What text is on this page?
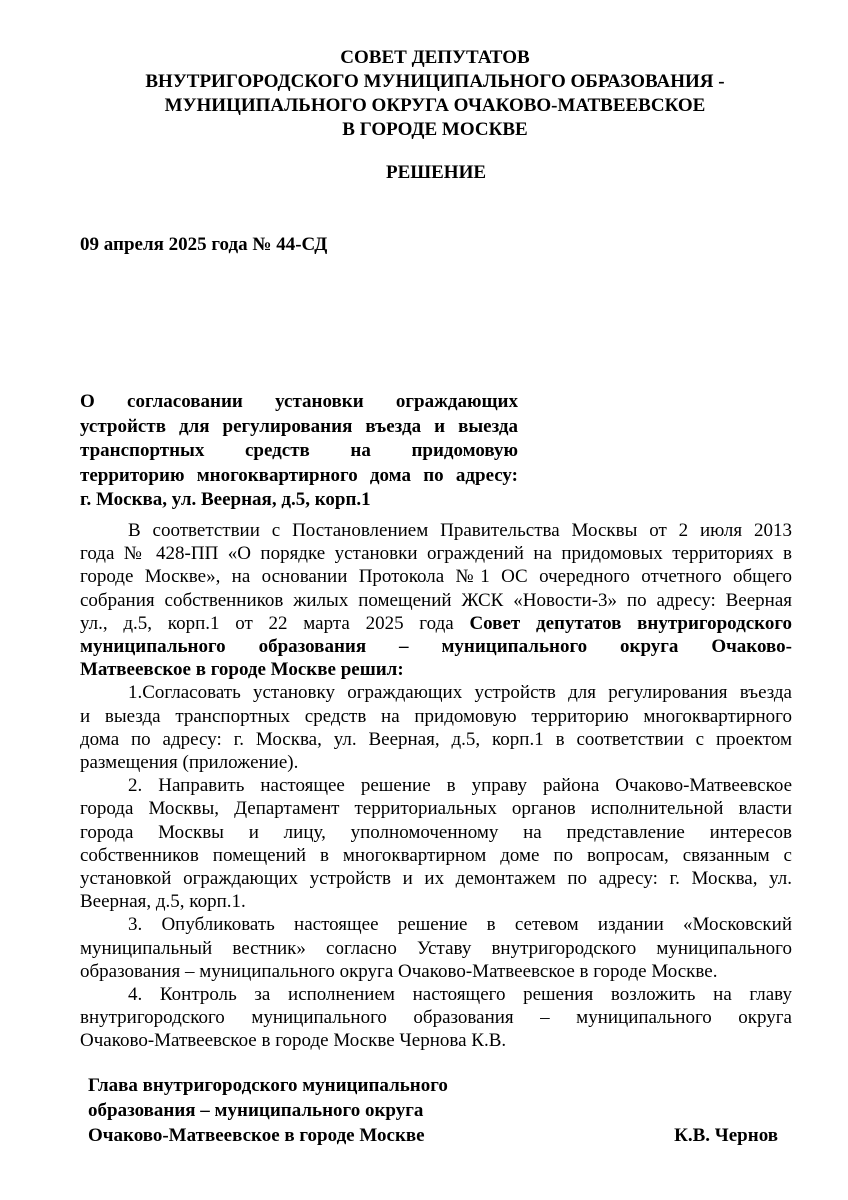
СОВЕТ ДЕПУТАТОВ
ВНУТРИГОРОДСКОГО МУНИЦИПАЛЬНОГО ОБРАЗОВАНИЯ -
МУНИЦИПАЛЬНОГО ОКРУГА ОЧАКОВО-МАТВЕЕВСКОЕ
В ГОРОДЕ МОСКВЕ
РЕШЕНИЕ
09 апреля 2025 года № 44-СД
О согласовании установки ограждающих
устройств для регулирования въезда и выезда
транспортных средств на придомовую
территорию многоквартирного дома по адресу:
г. Москва, ул. Веерная, д.5, корп.1
В соответствии с Постановлением Правительства Москвы от 2 июля 2013
года № 428-ПП «О порядке установки ограждений на придомовых территориях в
городе Москве», на основании Протокола №1 ОС очередного отчетного общего
собрания собственников жилых помещений ЖСК «Новости-3» по адресу: Веерная
ул., д.5, корп.1 от 22 марта 2025 года Совет депутатов внутригородского
муниципального образования – муниципального округа Очаково-
Матвеевское в городе Москве решил:
1.Согласовать установку ограждающих устройств для регулирования въезда
и выезда транспортных средств на придомовую территорию многоквартирного
дома по адресу: г. Москва, ул. Веерная, д.5, корп.1 в соответствии с проектом
размещения (приложение).
2. Направить настоящее решение в управу района Очаково-Матвеевское
города Москвы, Департамент территориальных органов исполнительной власти
города Москвы и лицу, уполномоченному на представление интересов
собственников помещений в многоквартирном доме по вопросам, связанным с
установкой ограждающих устройств и их демонтажем по адресу: г. Москва, ул.
Веерная, д.5, корп.1.
3. Опубликовать настоящее решение в сетевом издании «Московский
муниципальный вестник» согласно Уставу внутригородского муниципального
образования – муниципального округа Очаково-Матвеевское в городе Москве.
4. Контроль за исполнением настоящего решения возложить на главу
внутригородского муниципального образования – муниципального округа
Очаково-Матвеевское в городе Москве Чернова К.В.
Глава внутригородского муниципального
образования – муниципального округа
Очаково-Матвеевское в городе Москве	К.В. Чернов
